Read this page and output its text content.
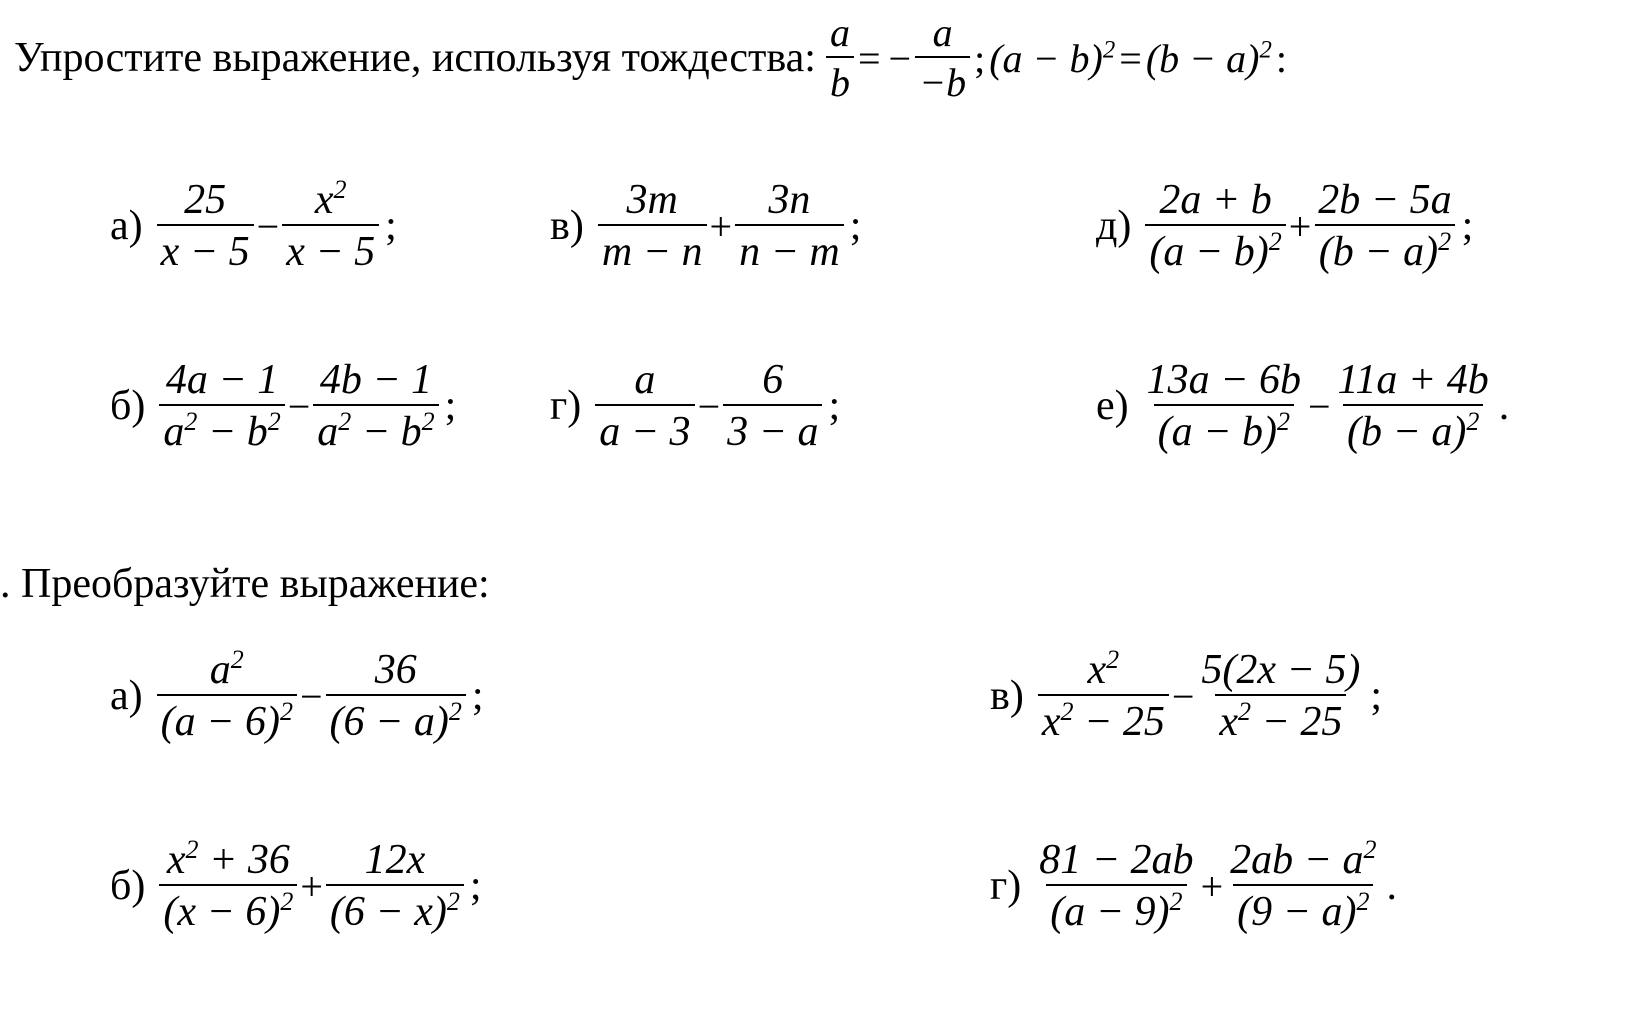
Упростите выражение, используя тождества: $\frac{a}{b}$ = − $\frac{a}{-b}$ ; $(a - b)^2 = (b - a)^2$ :
$а) \frac{25}{x - 5} - \frac{x^2}{x - 5}$ ;	$в) \frac{3m}{m - n} + \frac{3n}{n - m}$ ;	$д) \frac{2a + b}{(a - b)^2} + \frac{2b - 5a}{(b - a)^2}$ ;
$б) \frac{4a - 1}{a^2 - b^2} - \frac{4b - 1}{a^2 - b^2}$ ; $г) \frac{a}{a - 3} - \frac{6}{3 - a}$ ;	$е) \frac{13a - 6b}{(a - b)^2} - \frac{11a + 4b}{(b - a)^2}$ .
. Преобразуйте выражение:
$а) \frac{a^2}{(a - 6)^2} - \frac{36}{(6 - a)^2}$ ;	$в) \frac{x^2}{x^2 - 25} - \frac{5(2x - 5)}{x^2 - 25}$ ;
$б) \frac{x^2 + 36}{(x - 6)^2} + \frac{12x}{(6 - x)^2}$ ;	$г) \frac{81 - 2ab}{(a - 9)^2} + \frac{2ab - a^2}{(9 - a)^2}$ .
